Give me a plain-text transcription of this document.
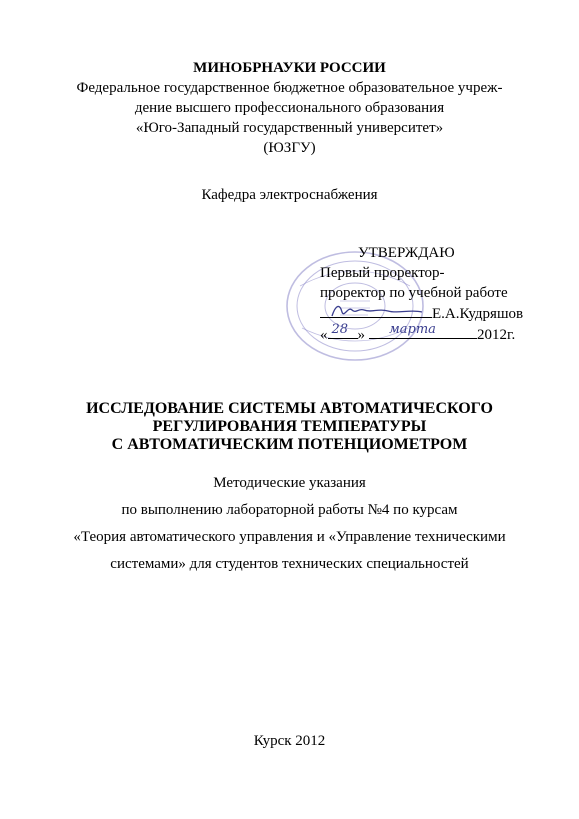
МИНОБРНАУКИ РОССИИ
Федеральное государственное бюджетное образовательное учреж-
дение высшего профессионального образования
«Юго-Западный государственный университет»
(ЮЗГУ)
Кафедра электроснабжения
УТВЕРЖДАЮ
Первый проректор-
проректор по учебной работе
Е.А.Кудряшов
« 28 » марта	2012г.
ИССЛЕДОВАНИЕ СИСТЕМЫ АВТОМАТИЧЕСКОГО
РЕГУЛИРОВАНИЯ ТЕМПЕРАТУРЫ
С АВТОМАТИЧЕСКИМ ПОТЕНЦИОМЕТРОМ
Методические указания
по выполнению лабораторной работы №4 по курсам
«Теория автоматического управления и «Управление техническими
системами» для студентов технических специальностей
Курск 2012
